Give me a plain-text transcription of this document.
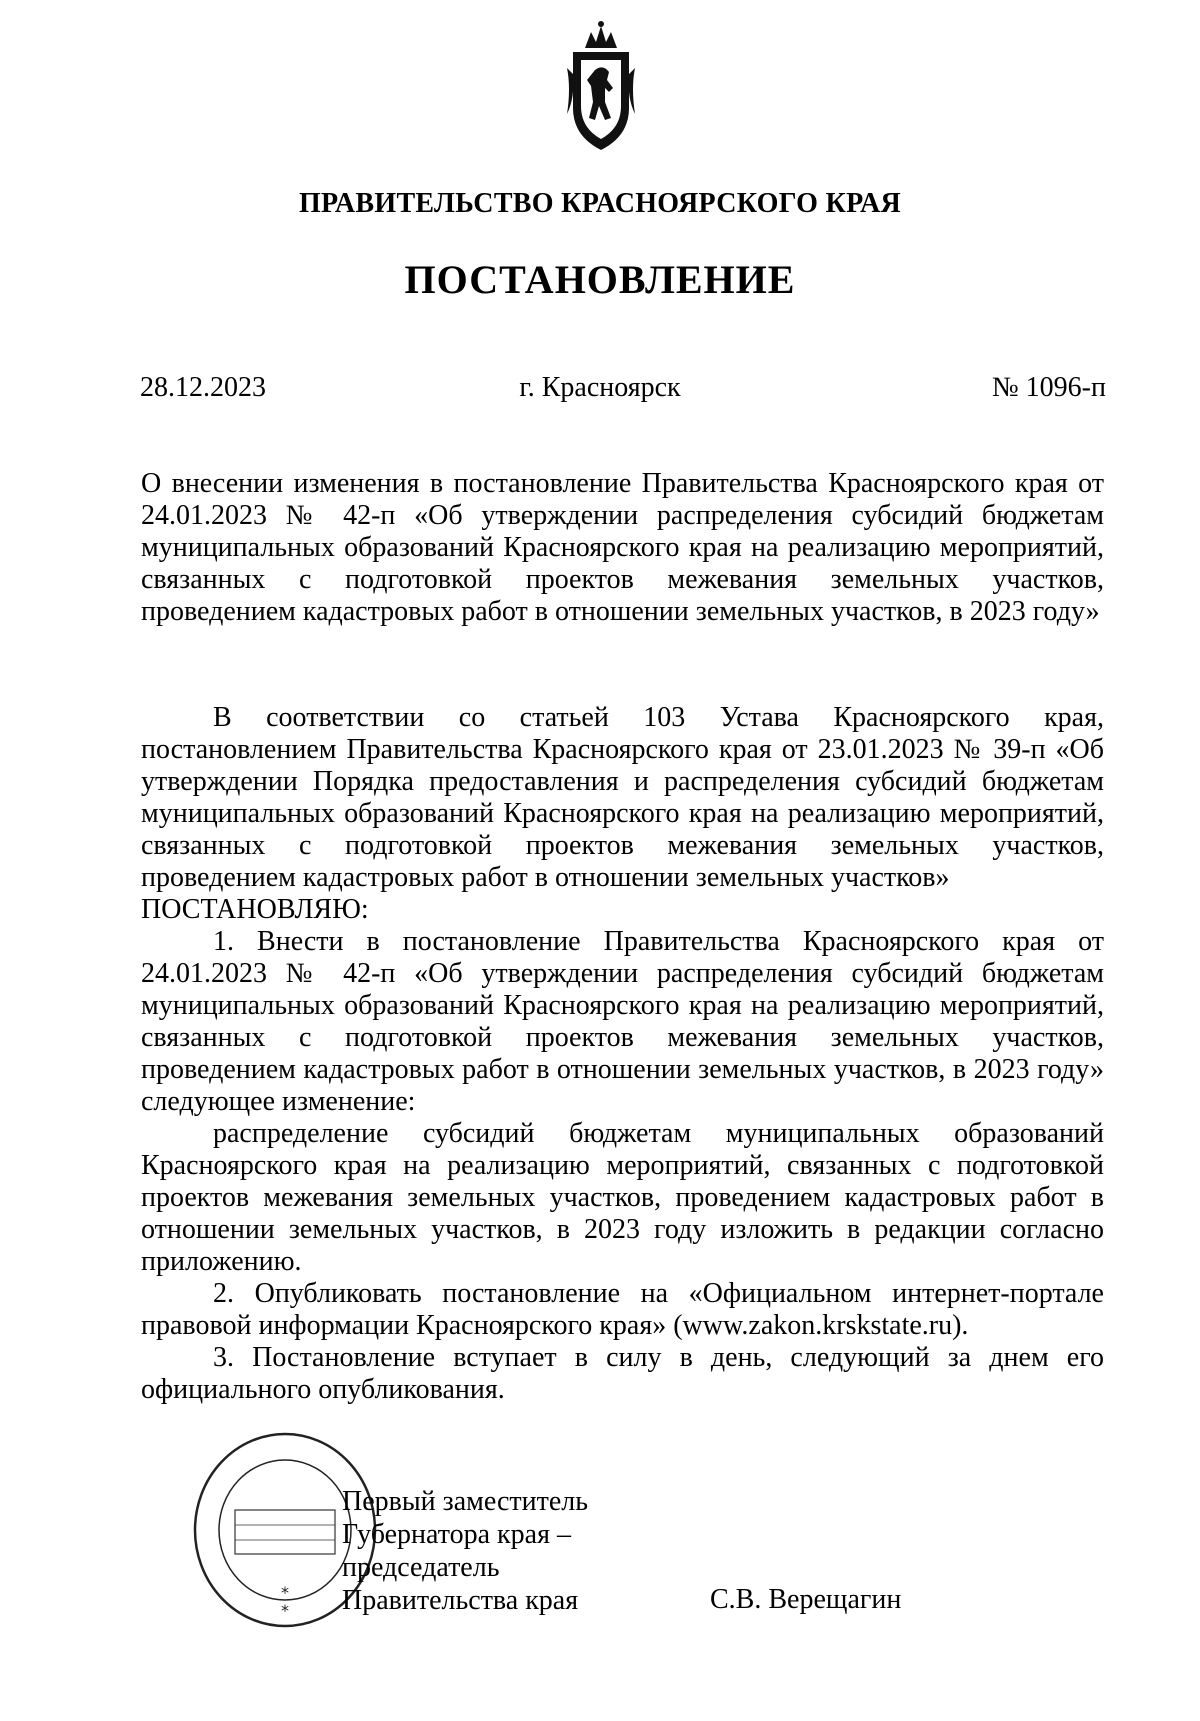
ПРАВИТЕЛЬСТВО КРАСНОЯРСКОГО КРАЯ
ПОСТАНОВЛЕНИЕ
28.12.2023	г. Красноярск	№ 1096-п
О внесении изменения в постановление Правительства Красноярского края от 24.01.2023 № 42-п «Об утверждении распределения субсидий бюджетам муниципальных образований Красноярского края на реализацию мероприятий, связанных с подготовкой проектов межевания земельных участков, проведением кадастровых работ в отношении земельных участков, в 2023 году»

В соответствии со статьей 103 Устава Красноярского края, постановлением Правительства Красноярского края от 23.01.2023 № 39-п «Об утверждении Порядка предоставления и распределения субсидий бюджетам муниципальных образований Красноярского края на реализацию мероприятий, связанных с подготовкой проектов межевания земельных участков, проведением кадастровых работ в отношении земельных участков»

ПОСТАНОВЛЯЮ:

1. Внести в постановление Правительства Красноярского края от 24.01.2023 № 42-п «Об утверждении распределения субсидий бюджетам муниципальных образований Красноярского края на реализацию мероприятий, связанных с подготовкой проектов межевания земельных участков, проведением кадастровых работ в отношении земельных участков, в 2023 году» следующее изменение:

распределение субсидий бюджетам муниципальных образований Красноярского края на реализацию мероприятий, связанных с подготовкой проектов межевания земельных участков, проведением кадастровых работ в отношении земельных участков, в 2023 году изложить в редакции согласно приложению.

2. Опубликовать постановление на «Официальном интернет-портале правовой информации Красноярского края» (www.zakon.krskstate.ru).

3. Постановление вступает в силу в день, следующий за днем его официального опубликования.

*
*
Первый заместитель
Губернатора края –
председатель
Правительства края	С.В. Верещагин
